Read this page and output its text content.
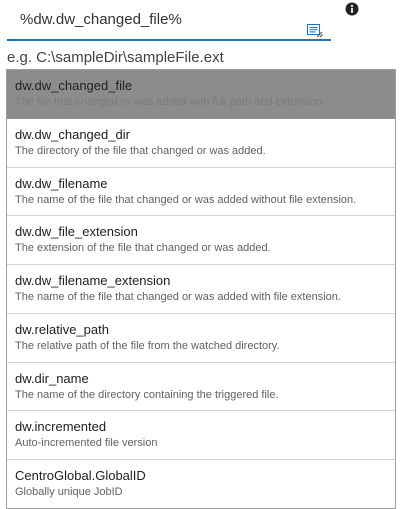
%dw.dw_changed_file%
e.g. C:\sampleDir\sampleFile.ext
dw.dw_changed_file
The file that changed or was added with full path and extension.
dw.dw_changed_dir
The directory of the file that changed or was added.
dw.dw_filename
The name of the file that changed or was added without file extension.
dw.dw_file_extension
The extension of the file that changed or was added.
dw.dw_filename_extension
The name of the file that changed or was added with file extension.
dw.relative_path
The relative path of the file from the watched directory.
dw.dir_name
The name of the directory containing the triggered file.
dw.incremented
Auto-incremented file version
CentroGlobal.GlobalID
Globally unique JobID
